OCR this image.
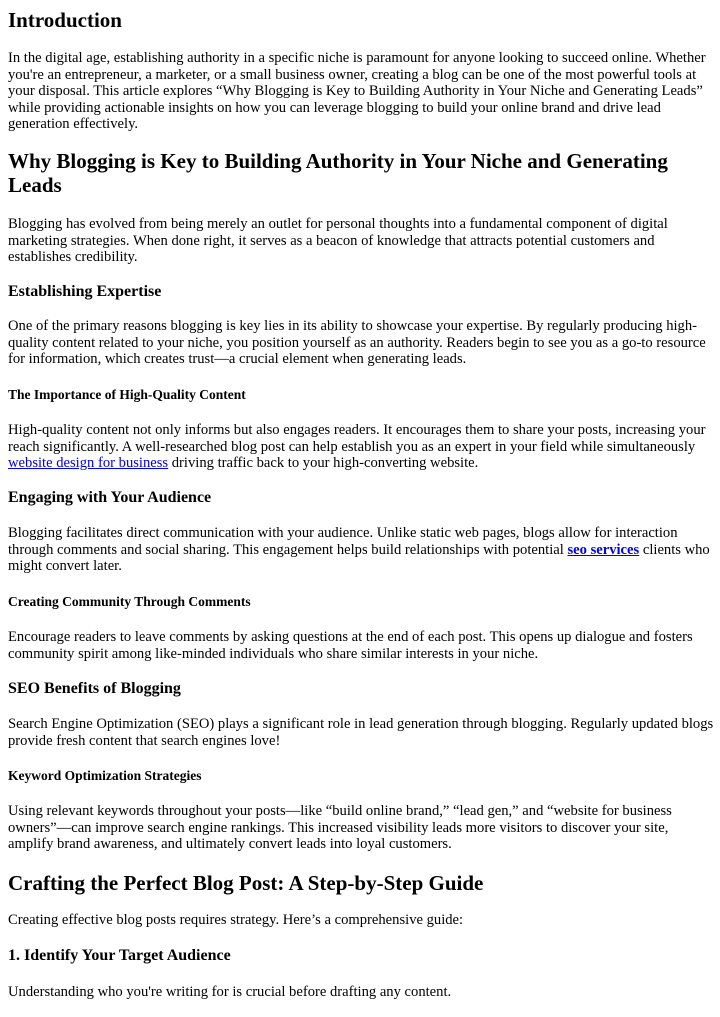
Introduction

In the digital age, establishing authority in a specific niche is paramount for anyone looking to succeed online. Whether you're an entrepreneur, a marketer, or a small business owner, creating a blog can be one of the most powerful tools at your disposal. This article explores “Why Blogging is Key to Building Authority in Your Niche and Generating Leads” while providing actionable insights on how you can leverage blogging to build your online brand and drive lead generation effectively.

Why Blogging is Key to Building Authority in Your Niche and Generating Leads

Blogging has evolved from being merely an outlet for personal thoughts into a fundamental component of digital marketing strategies. When done right, it serves as a beacon of knowledge that attracts potential customers and establishes credibility.

Establishing Expertise

One of the primary reasons blogging is key lies in its ability to showcase your expertise. By regularly producing high-quality content related to your niche, you position yourself as an authority. Readers begin to see you as a go-to resource for information, which creates trust—a crucial element when generating leads.

The Importance of High-Quality Content

High-quality content not only informs but also engages readers. It encourages them to share your posts, increasing your reach significantly. A well-researched blog post can help establish you as an expert in your field while simultaneously website design for business driving traffic back to your high-converting website.

Engaging with Your Audience

Blogging facilitates direct communication with your audience. Unlike static web pages, blogs allow for interaction through comments and social sharing. This engagement helps build relationships with potential seo services clients who might convert later.

Creating Community Through Comments

Encourage readers to leave comments by asking questions at the end of each post. This opens up dialogue and fosters community spirit among like-minded individuals who share similar interests in your niche.

SEO Benefits of Blogging

Search Engine Optimization (SEO) plays a significant role in lead generation through blogging. Regularly updated blogs provide fresh content that search engines love!

Keyword Optimization Strategies

Using relevant keywords throughout your posts—like “build online brand,” “lead gen,” and “website for business owners”—can improve search engine rankings. This increased visibility leads more visitors to discover your site, amplify brand awareness, and ultimately convert leads into loyal customers.

Crafting the Perfect Blog Post: A Step-by-Step Guide

Creating effective blog posts requires strategy. Here’s a comprehensive guide:

1. Identify Your Target Audience

Understanding who you're writing for is crucial before drafting any content.
